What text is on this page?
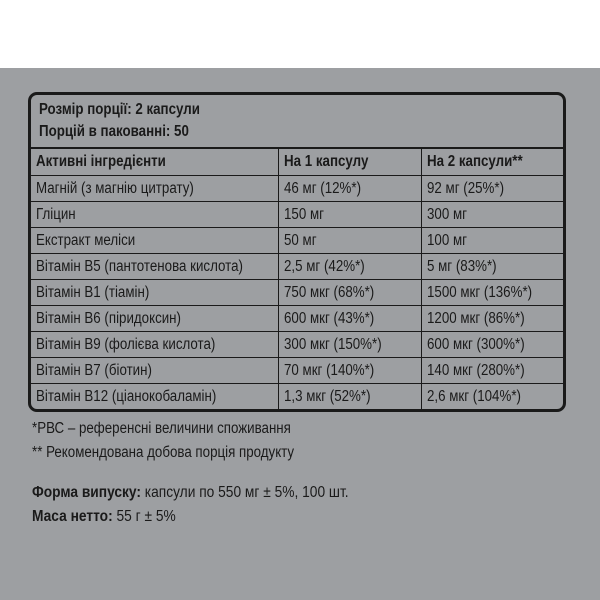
Розмір порції: 2 капсули
Порцій в пакованні: 50
Активні інгредієнти	На 1 капсулу	На 2 капсули**
Магній (з магнію цитрату)	46 мг (12%*)	92 мг (25%*)
Гліцин	150 мг	300 мг
Екстракт меліси	50 мг	100 мг
Вітамін В5 (пантотенова кислота)	2,5 мг (42%*)	5 мг (83%*)
Вітамін В1 (тіамін)	750 мкг (68%*)	1500 мкг (136%*)
Вітамін В6 (піридоксин)	600 мкг (43%*)	1200 мкг (86%*)
Вітамін В9 (фолієва кислота)	300 мкг (150%*)	600 мкг (300%*)
Вітамін В7 (біотин)	70 мкг (140%*)	140 мкг (280%*)
Вітамін В12 (ціанокобаламін)	1,3 мкг (52%*)	2,6 мкг (104%*)
*РВС – референсні величини споживання
** Рекомендована добова порція продукту
Форма випуску: капсули по 550 мг ± 5%, 100 шт.
Маса нетто: 55 г ± 5%
